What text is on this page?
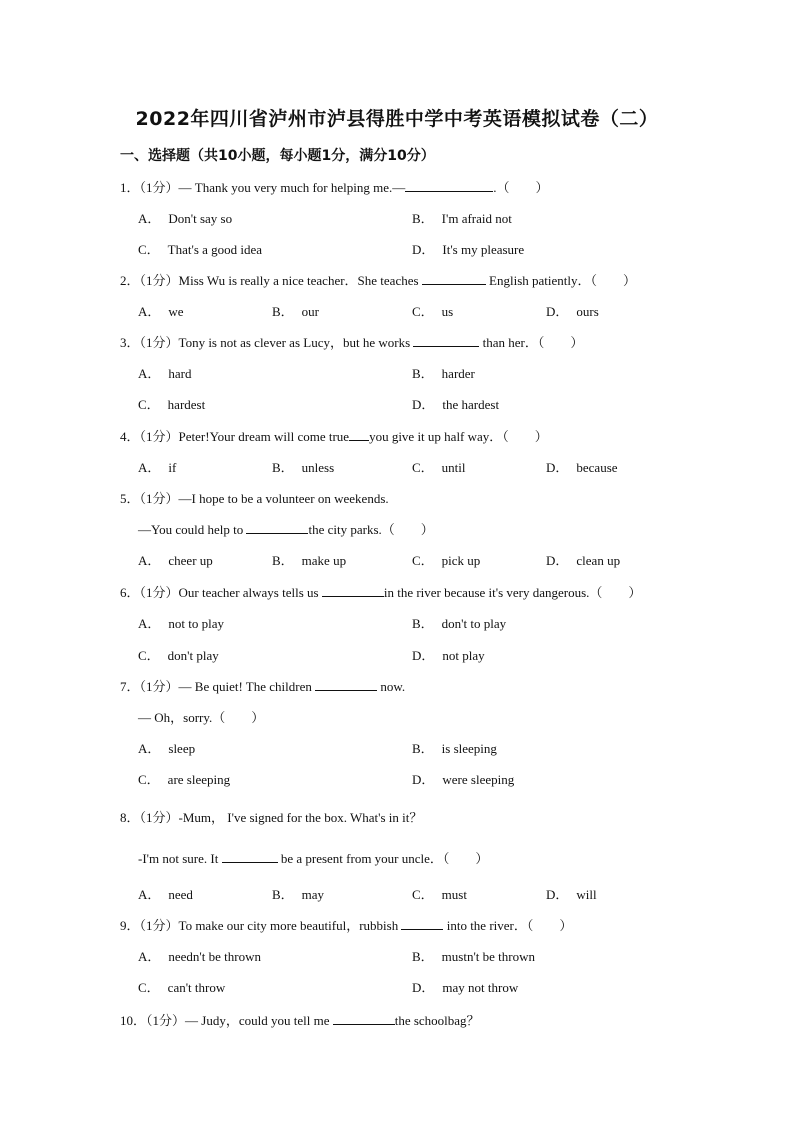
2022年四川省泸州市泸县得胜中学中考英语模拟试卷（二）
一、选择题（共10小题，每小题1分，满分10分）
1．（1分）— Thank you very much for helping me.—	.（　　）
A． Don't say so	B． I'm afraid not
C． That's a good idea	D． It's my pleasure
2．（1分）Miss Wu is really a nice teacher．She teaches	English patiently．（　　）
A． we	B． our	C． us	D． ours
3．（1分）Tony is not as clever as Lucy，but he works	than her．（　　）
A． hard	B． harder
C． hardest	D． the hardest
4．（1分）Peter!Your dream will come true you give it up half way．（　　）
A． if	B． unless	C． until	D． because
5．（1分）—I hope to be a volunteer on weekends.
—You could help to	the city parks.（　　）
A． cheer up	B． make up	C． pick up	D． clean up
6．（1分）Our teacher always tells us	in the river because it's very dangerous.（　　）
A． not to play	B． don't to play
C． don't play	D． not play
7．（1分）— Be quiet! The children	now.
— Oh，sorry.（　　）
A． sleep	B． is sleeping
C． are sleeping	D． were sleeping
8．（1分）-Mum， I've signed for the box. What's in it？
-I'm not sure. It	be a present from your uncle．（　　）
A． need	B． may	C． must	D． will
9．（1分）To make our city more beautiful，rubbish	into the river．（　　）
A． needn't be thrown	B． mustn't be thrown
C． can't throw	D． may not throw
10．（1分）— Judy，could you tell me	the schoolbag？
